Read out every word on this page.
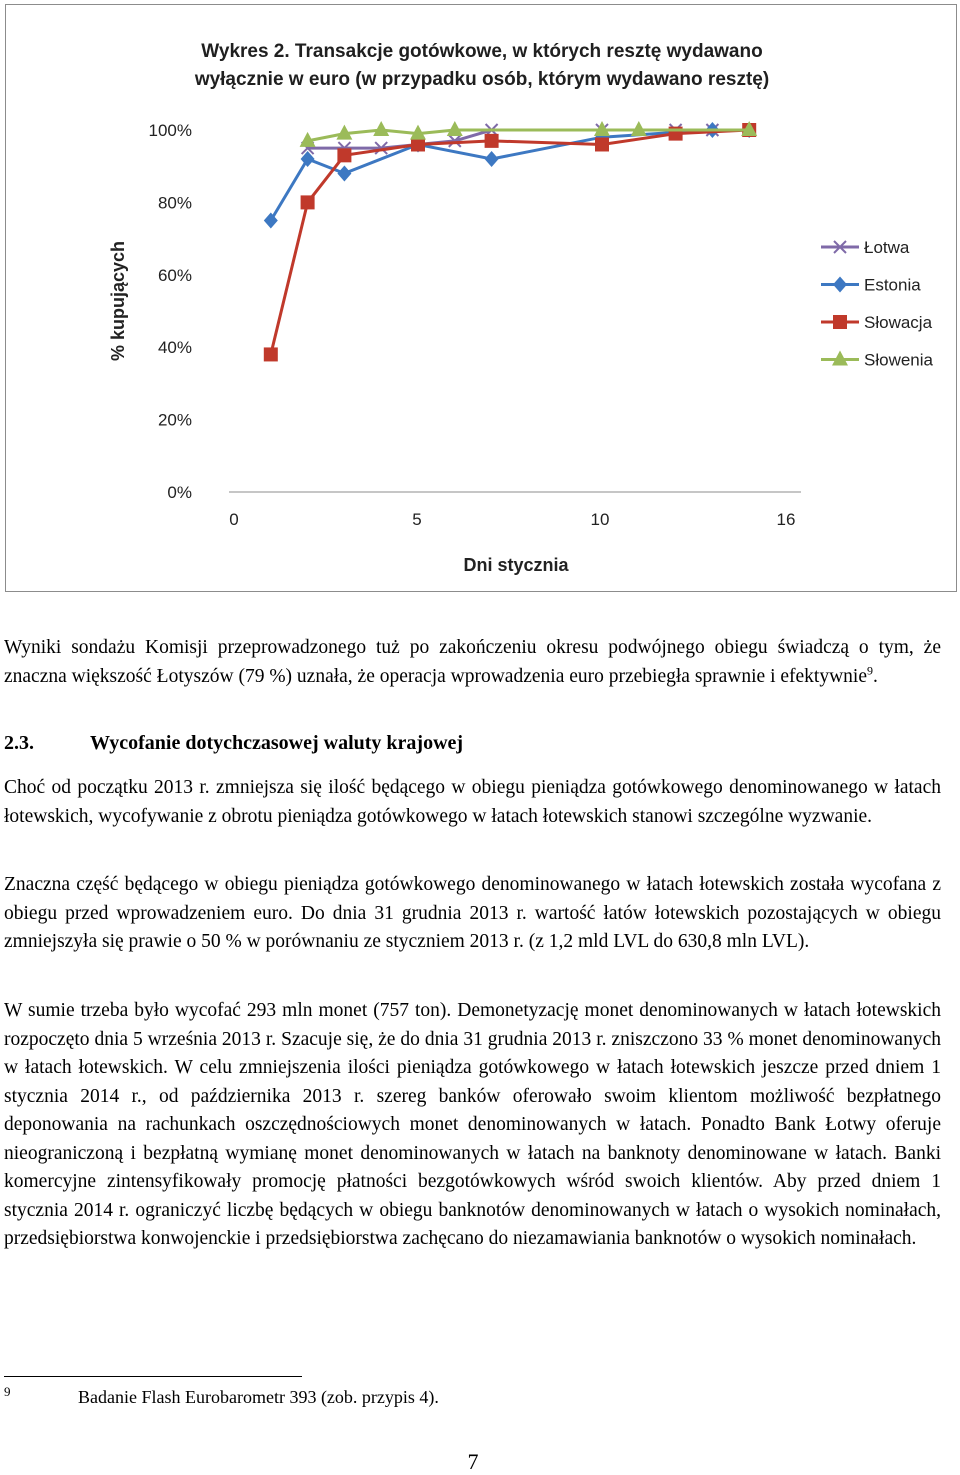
Wykres 2. Transakcje gotówkowe, w których resztę wydawano
wyłącznie w euro (w przypadku osób, którym wydawano resztę)
% kupujących
Dni stycznia
0%
20%
40%
60%
80%
100%
0	5	10	16
Łotwa
Estonia
Słowacja
Słowenia

Wyniki sondażu Komisji przeprowadzonego tuż po zakończeniu okresu podwójnego obiegu świadczą o tym, że znaczna większość Łotyszów (79 %) uznała, że operacja wprowadzenia euro przebiegła sprawnie i efektywnie$^9$.

2.3.	Wycofanie dotychczasowej waluty krajowej

Choć od początku 2013 r. zmniejsza się ilość będącego w obiegu pieniądza gotówkowego denominowanego w łatach łotewskich, wycofywanie z obrotu pieniądza gotówkowego w łatach łotewskich stanowi szczególne wyzwanie.

Znaczna część będącego w obiegu pieniądza gotówkowego denominowanego w łatach łotewskich została wycofana z obiegu przed wprowadzeniem euro. Do dnia 31 grudnia 2013 r. wartość łatów łotewskich pozostających w obiegu zmniejszyła się prawie o 50 % w porównaniu ze styczniem 2013 r. (z 1,2 mld LVL do 630,8 mln LVL).

W sumie trzeba było wycofać 293 mln monet (757 ton). Demonetyzację monet denominowanych w łatach łotewskich rozpoczęto dnia 5 września 2013 r. Szacuje się, że do dnia 31 grudnia 2013 r. zniszczono 33 % monet denominowanych w łatach łotewskich. W celu zmniejszenia ilości pieniądza gotówkowego w łatach łotewskich jeszcze przed dniem 1 stycznia 2014 r., od października 2013 r. szereg banków oferowało swoim klientom możliwość bezpłatnego deponowania na rachunkach oszczędnościowych monet denominowanych w łatach. Ponadto Bank Łotwy oferuje nieograniczoną i bezpłatną wymianę monet denominowanych w łatach na banknoty denominowane w łatach. Banki komercyjne zintensyfikowały promocję płatności bezgotówkowych wśród swoich klientów. Aby przed dniem 1 stycznia 2014 r. ograniczyć liczbę będących w obiegu banknotów denominowanych w łatach o wysokich nominałach, przedsiębiorstwa konwojenckie i przedsiębiorstwa zachęcano do niezamawiania banknotów o wysokich nominałach.

9	Badanie Flash Eurobarometr 393 (zob. przypis 4).
7
